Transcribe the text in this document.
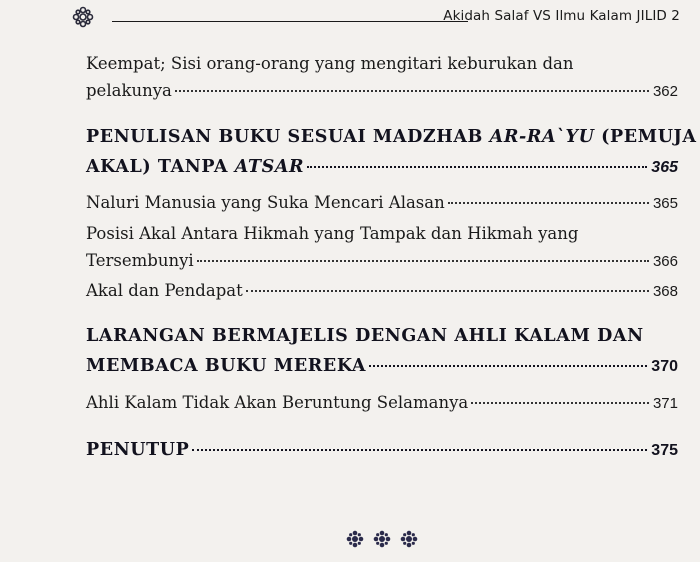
Akidah Salaf VS Ilmu Kalam JILID 2
Keempat; Sisi orang-orang yang mengitari keburukan dan
pelakunya	362
PENULISAN BUKU SESUAI MADZHAB AR-RA`YU (PEMUJA
AKAL) TANPA ATSAR	365
Naluri Manusia yang Suka Mencari Alasan	365
Posisi Akal Antara Hikmah yang Tampak dan Hikmah yang
Tersembunyi	366
Akal dan Pendapat	368
LARANGAN BERMAJELIS DENGAN AHLI KALAM DAN
MEMBACA BUKU MEREKA	370
Ahli Kalam Tidak Akan Beruntung Selamanya	371
PENUTUP	375
